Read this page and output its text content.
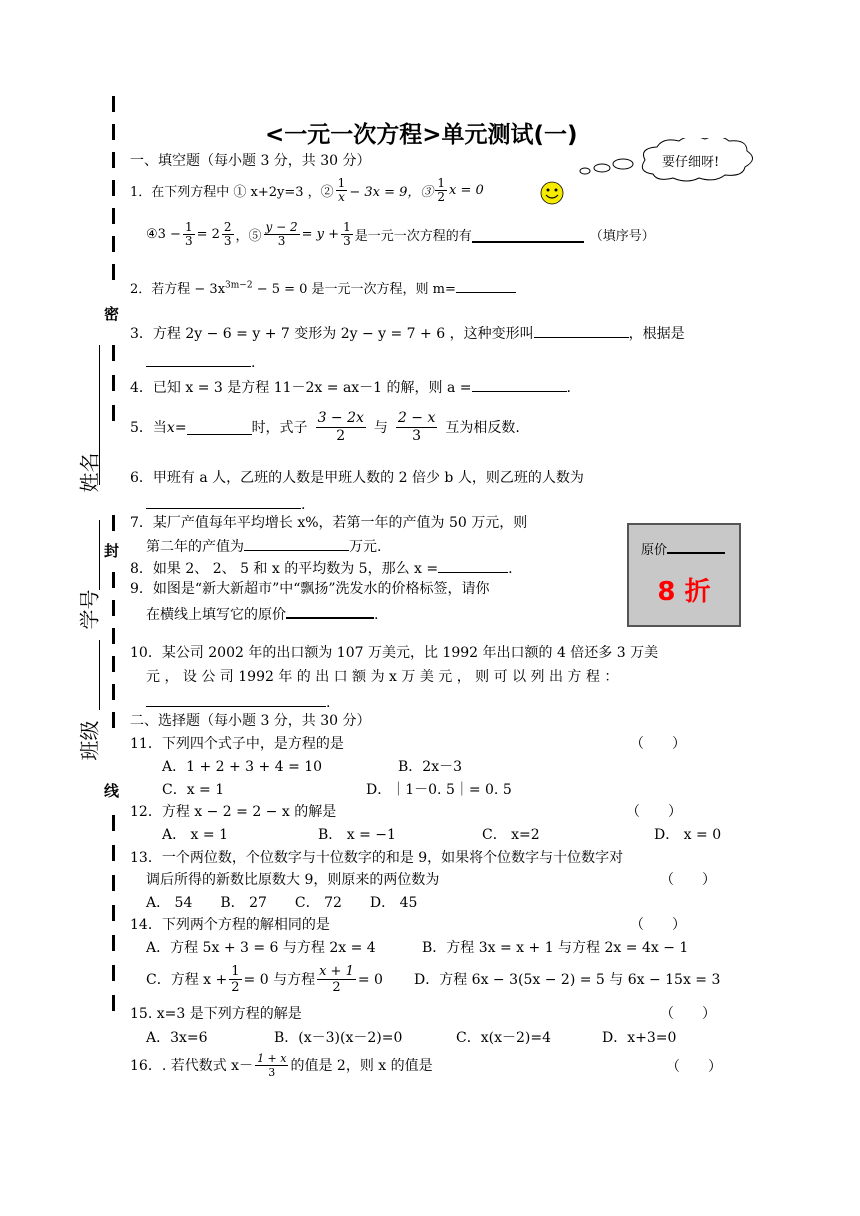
密
封
线
姓名
学号
班级
<一元一次方程>单元测试(一)
要仔细呀!
一、填空题（每小题 3 分，共 30 分）
1．在下列方程中 ① x+2y=3 ，② $\frac{1}{x} - 3x = 9$，③ $\frac{1}{2}$ x = 0
④3 − $\frac{1}{3} = 2 \frac{2}{3}$ ，⑤ $\frac{y - 2}{3} = y + \frac{1}{3}$ 是一元一次方程的有	（填序号）
2．若方程 − $3x^{3m-2} - 5 = 0$ 是一元一次方程，则 m=
3．方程 2y − 6 = y + 7 变形为 2y − y = 7 + 6 ，这种变形叫	，根据是
.
4．已知 x = 3 是方程 11－2x = ax－1 的解，则 a =	.
5．当 x =	时，式子 $\frac{3 - 2x}{2}$ 与 $\frac{2 - x}{3}$ 互为相反数.
6．甲班有 a 人，乙班的人数是甲班人数的 2 倍少 b 人，则乙班的人数为
.
7．某厂产值每年平均增长 x%，若第一年的产值为 50 万元，则
第二年的产值为	万元.
8．如果 2、 2、 5 和 x 的平均数为 5，那么 x =	.
9．如图是“新大新超市”中“飘扬”洗发水的价格标签，请你
在横线上填写它的原价	.
原价
8 折
10．某公司 2002 年的出口额为 107 万美元，比 1992 年出口额的 4 倍还多 3 万美
元 ， 设 公 司 1992 年 的 出 口 额 为 x 万 美 元 ， 则 可 以 列 出 方 程 ：
.
二、选择题（每小题 3 分，共 30 分）
11．下列四个式子中，是方程的是	（　　）
A．1 + 2 + 3 + 4 = 10	B．2x－3
C．x = 1	D．｜1－0. 5｜= 0. 5
12．方程 x − 2 = 2 − x 的解是	（　　）
A． x = 1	B． x = −1	C． x=2	D． x = 0
13．一个两位数，个位数字与十位数字的和是 9，如果将个位数字与十位数字对
调后所得的新数比原数大 9，则原来的两位数为	（　　）
A． 54　　B． 27　　C． 72　　D． 45
14．下列两个方程的解相同的是	（　　）
A．方程 5x + 3 = 6 与方程 2x = 4	B．方程 3x = x + 1 与方程 2x = 4x − 1
C．方程 $x + \frac{1}{2} = 0$ 与方程 $\frac{x + 1}{2} = 0$ D．方程 6x − 3(5x − 2) = 5 与 6x − 15x = 3
15. x=3 是下列方程的解是	（　　）
A．3x=6	B．(x－3)(x－2)=0	C．x(x－2)=4	D．x+3=0
16．. 若代数式 $x- \frac{1 + x}{3}$ 的值是 2，则 x 的值是	（　　）
